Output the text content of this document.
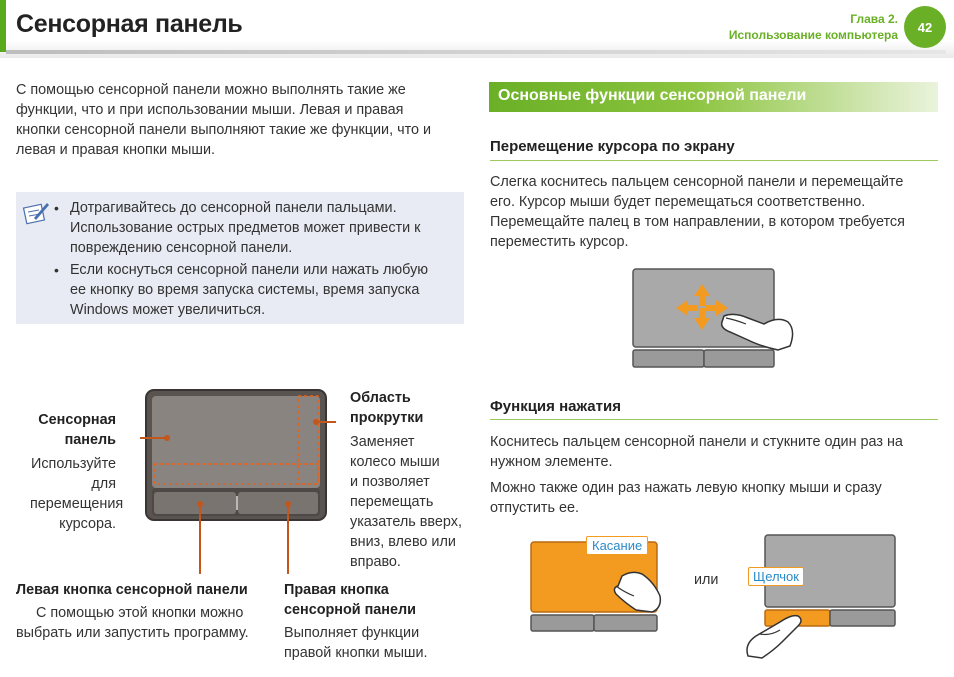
Сенсорная панель	Глава 2.
Использование компьютера
42

С помощью сенсорной панели можно выполнять такие же

функции, что и при использовании мыши. Левая и правая

кнопки сенсорной панели выполняют такие же функции, что и

левая и правая кнопки мыши.

• Дотрагивайтесь до сенсорной панели пальцами.

Использование острых предметов может привести к

повреждению сенсорной панели.

• Если коснуться сенсорной панели или нажать любую

ее кнопку во время запуска системы, время запуска

Windows может увеличиться.

Сенсорная

панель

Используйте

для

перемещения

курсора.

Область

прокрутки

Заменяет

колесо мыши

и позволяет

перемещать

указатель вверх,

вниз, влево или

вправо.

Левая кнопка сенсорной панели

С помощью этой кнопки можно

выбрать или запустить программу.

Правая кнопка

сенсорной панели

Выполняет функции

правой кнопки мыши.

Основные функции сенсорной панели
Перемещение курсора по экрану

Слегка коснитесь пальцем сенсорной панели и перемещайте

его. Курсор мыши будет перемещаться соответственно.

Перемещайте палец в том направлении, в котором требуется

переместить курсор.

Функция нажатия

Коснитесь пальцем сенсорной панели и стукните один раз на

нужном элементе.

Можно также один раз нажать левую кнопку мыши и сразу

отпустить ее.

Касание
или	Щелчок
